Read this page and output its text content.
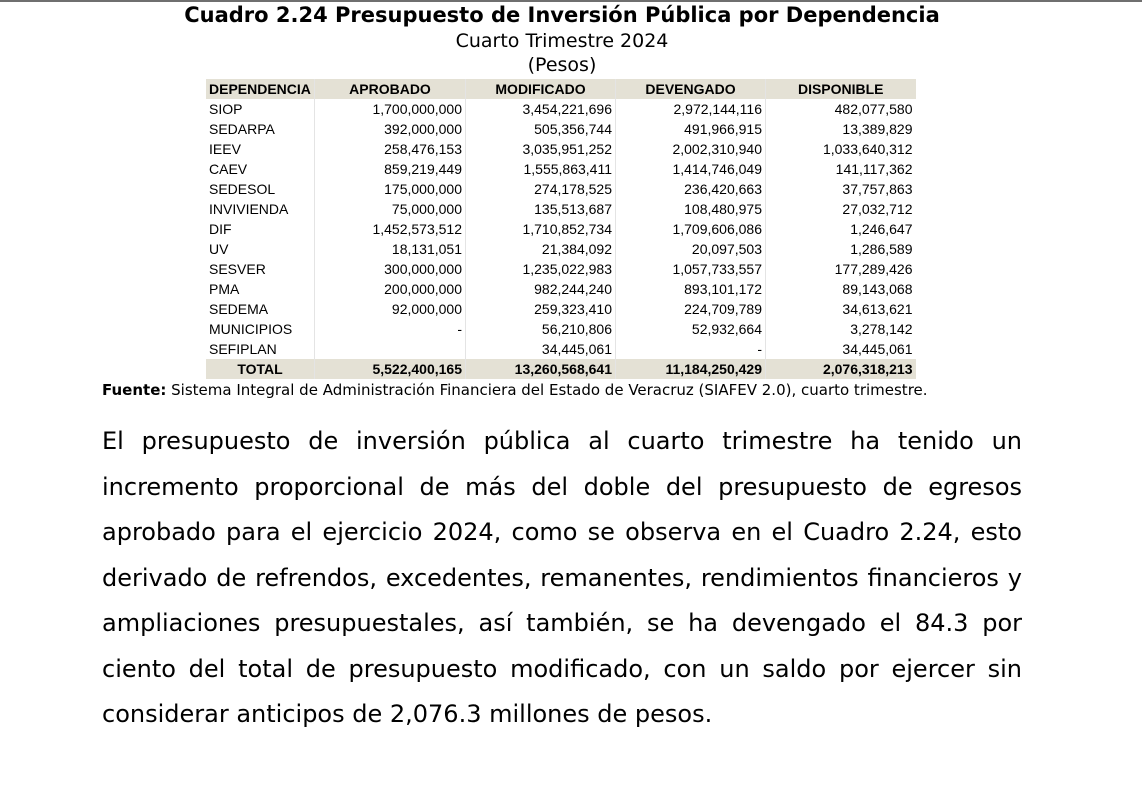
Cuadro 2.24 Presupuesto de Inversión Pública por Dependencia
Cuarto Trimestre 2024
(Pesos)
DEPENDENCIA	APROBADO	MODIFICADO	DEVENGADO	DISPONIBLE
SIOP	1,700,000,000	3,454,221,696	2,972,144,116	482,077,580
SEDARPA	392,000,000	505,356,744	491,966,915	13,389,829
IEEV	258,476,153	3,035,951,252	2,002,310,940	1,033,640,312
CAEV	859,219,449	1,555,863,411	1,414,746,049	141,117,362
SEDESOL	175,000,000	274,178,525	236,420,663	37,757,863
INVIVIENDA	75,000,000	135,513,687	108,480,975	27,032,712
DIF	1,452,573,512	1,710,852,734	1,709,606,086	1,246,647
UV	18,131,051	21,384,092	20,097,503	1,286,589
SESVER	300,000,000	1,235,022,983	1,057,733,557	177,289,426
PMA	200,000,000	982,244,240	893,101,172	89,143,068
SEDEMA	92,000,000	259,323,410	224,709,789	34,613,621
MUNICIPIOS	-	56,210,806	52,932,664	3,278,142
SEFIPLAN		34,445,061	-	34,445,061
TOTAL	5,522,400,165	13,260,568,641	11,184,250,429	2,076,318,213
Fuente: Sistema Integral de Administración Financiera del Estado de Veracruz (SIAFEV 2.0), cuarto trimestre.

El presupuesto de inversión pública al cuarto trimestre ha tenido un incremento proporcional de más del doble del presupuesto de egresos aprobado para el ejercicio 2024, como se observa en el Cuadro 2.24, esto derivado de refrendos, excedentes, remanentes, rendimientos financieros y ampliaciones presupuestales, así también, se ha devengado el 84.3 por ciento del total de presupuesto modificado, con un saldo por ejercer sin considerar anticipos de 2,076.3 millones de pesos.
